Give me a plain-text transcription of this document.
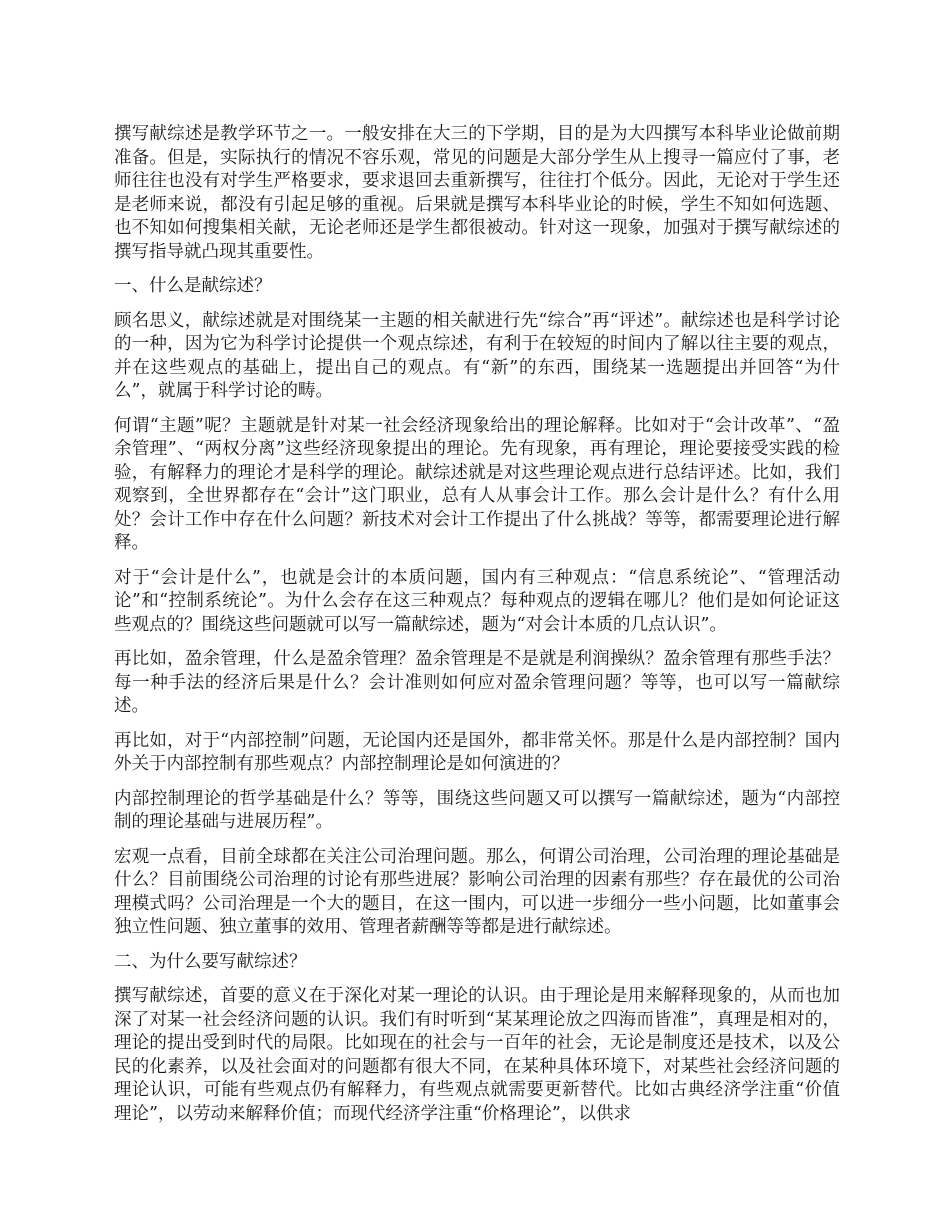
撰写献综述是教学环节之一。一般安排在大三的下学期，目的是为大四撰写本科毕业论做前期准备。但是，实际执行的情况不容乐观，常见的问题是大部分学生从上搜寻一篇应付了事，老师往往也没有对学生严格要求，要求退回去重新撰写，往往打个低分。因此，无论对于学生还是老师来说，都没有引起足够的重视。后果就是撰写本科毕业论的时候，学生不知如何选题、也不知如何搜集相关献，无论老师还是学生都很被动。针对这一现象，加强对于撰写献综述的撰写指导就凸现其重要性。

一、什么是献综述？

顾名思义，献综述就是对围绕某一主题的相关献进行先“综合”再“评述”。献综述也是科学讨论的一种，因为它为科学讨论提供一个观点综述，有利于在较短的时间内了解以往主要的观点，并在这些观点的基础上，提出自己的观点。有“新”的东西，围绕某一选题提出并回答“为什么”，就属于科学讨论的畴。

何谓“主题”呢？主题就是针对某一社会经济现象给出的理论解释。比如对于“会计改革”、“盈余管理”、“两权分离”这些经济现象提出的理论。先有现象，再有理论，理论要接受实践的检验，有解释力的理论才是科学的理论。献综述就是对这些理论观点进行总结评述。比如，我们观察到，全世界都存在“会计”这门职业，总有人从事会计工作。那么会计是什么？有什么用处？会计工作中存在什么问题？新技术对会计工作提出了什么挑战？等等，都需要理论进行解释。

对于“会计是什么”，也就是会计的本质问题，国内有三种观点：“信息系统论”、“管理活动论”和“控制系统论”。为什么会存在这三种观点？每种观点的逻辑在哪儿？他们是如何论证这些观点的？围绕这些问题就可以写一篇献综述，题为“对会计本质的几点认识”。

再比如，盈余管理，什么是盈余管理？盈余管理是不是就是利润操纵？盈余管理有那些手法？每一种手法的经济后果是什么？会计准则如何应对盈余管理问题？等等，也可以写一篇献综述。

再比如，对于“内部控制”问题，无论国内还是国外，都非常关怀。那是什么是内部控制？国内外关于内部控制有那些观点？内部控制理论是如何演进的？

内部控制理论的哲学基础是什么？等等，围绕这些问题又可以撰写一篇献综述，题为“内部控制的理论基础与进展历程”。

宏观一点看，目前全球都在关注公司治理问题。那么，何谓公司治理，公司治理的理论基础是什么？目前围绕公司治理的讨论有那些进展？影响公司治理的因素有那些？存在最优的公司治理模式吗？公司治理是一个大的题目，在这一围内，可以进一步细分一些小问题，比如董事会独立性问题、独立董事的效用、管理者薪酬等等都是进行献综述。

二、为什么要写献综述？

撰写献综述，首要的意义在于深化对某一理论的认识。由于理论是用来解释现象的，从而也加深了对某一社会经济问题的认识。我们有时听到“某某理论放之四海而皆准”，真理是相对的，理论的提出受到时代的局限。比如现在的社会与一百年的社会，无论是制度还是技术，以及公民的化素养，以及社会面对的问题都有很大不同，在某种具体环境下，对某些社会经济问题的理论认识，可能有些观点仍有解释力，有些观点就需要更新替代。比如古典经济学注重“价值理论”，以劳动来解释价值；而现代经济学注重“价格理论”，以供求
